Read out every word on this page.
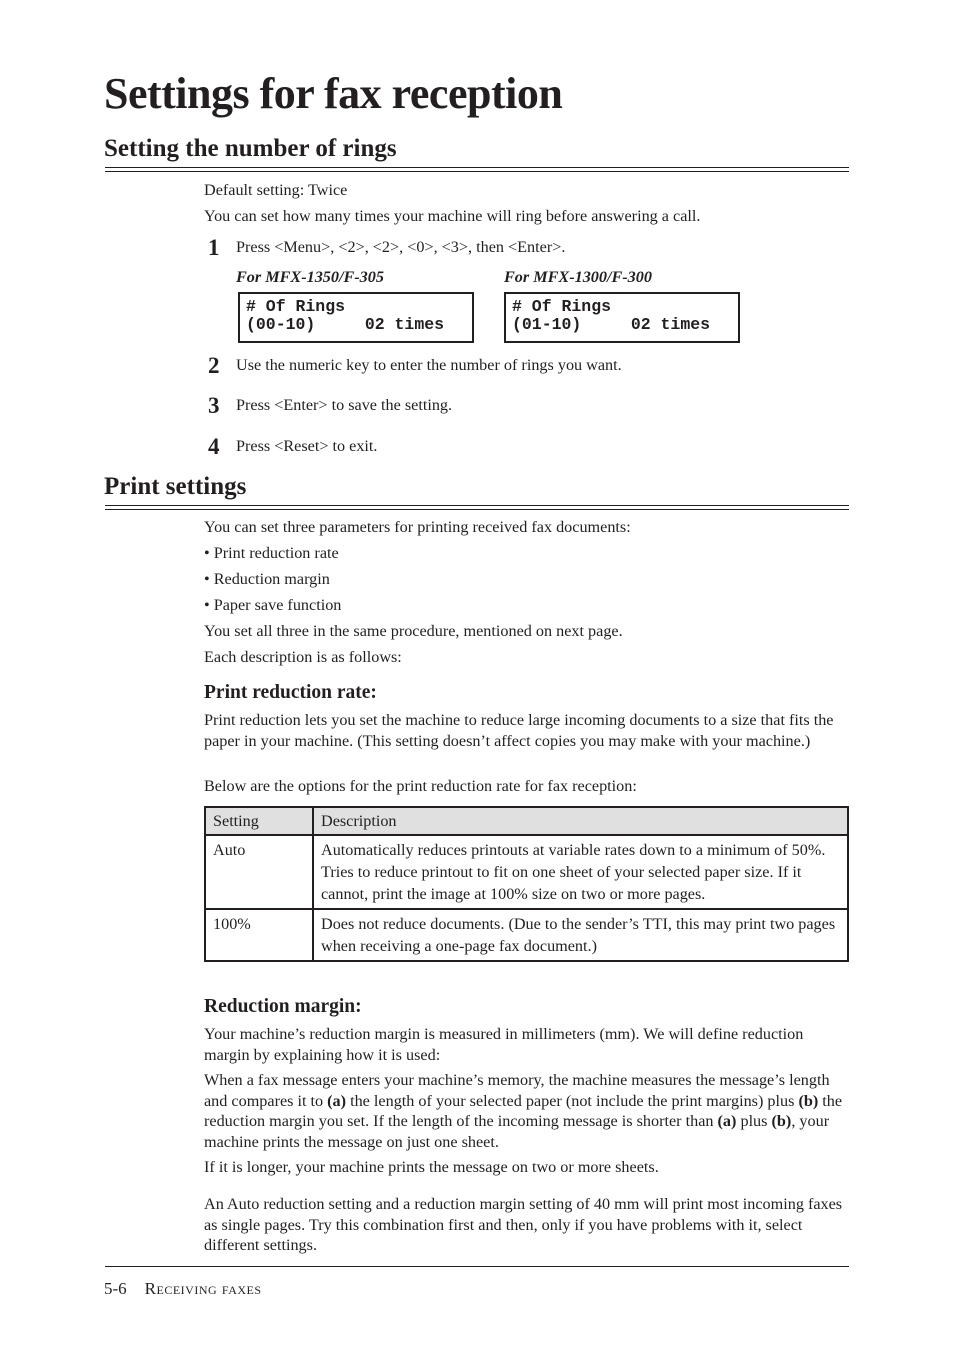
Settings for fax reception
Setting the number of rings
Default setting: Twice
You can set how many times your machine will ring before answering a call.
1	Press <Menu>, <2>, <2>, <0>, <3>, then <Enter>.
For MFX-1350/F-305	For MFX-1300/F-300
# Of Rings
(00-10)     02 times
# Of Rings
(01-10)     02 times
2	Use the numeric key to enter the number of rings you want.
3	Press <Enter> to save the setting.
4	Press <Reset> to exit.
Print settings
You can set three parameters for printing received fax documents:
• Print reduction rate
• Reduction margin
• Paper save function
You set all three in the same procedure, mentioned on next page.
Each description is as follows:
Print reduction rate:
Print reduction lets you set the machine to reduce large incoming documents to a size that fits the paper in your machine. (This setting doesn’t affect copies you may make with your machine.)
Below are the options for the print reduction rate for fax reception:
Setting	Description
Auto	Automatically reduces printouts at variable rates down to a minimum of 50%. Tries to reduce printout to fit on one sheet of your selected paper size. If it cannot, print the image at 100% size on two or more pages.
100%	Does not reduce documents. (Due to the sender’s TTI, this may print two pages when receiving a one-page fax document.)
Reduction margin:
Your machine’s reduction margin is measured in millimeters (mm). We will define reduction margin by explaining how it is used:
When a fax message enters your machine’s memory, the machine measures the message’s length and compares it to (a) the length of your selected paper (not include the print margins) plus (b) the reduction margin you set. If the length of the incoming message is shorter than (a) plus (b), your machine prints the message on just one sheet.
If it is longer, your machine prints the message on two or more sheets.
An Auto reduction setting and a reduction margin setting of 40 mm will print most incoming faxes as single pages. Try this combination first and then, only if you have problems with it, select different settings.
5-6 Receiving faxes
